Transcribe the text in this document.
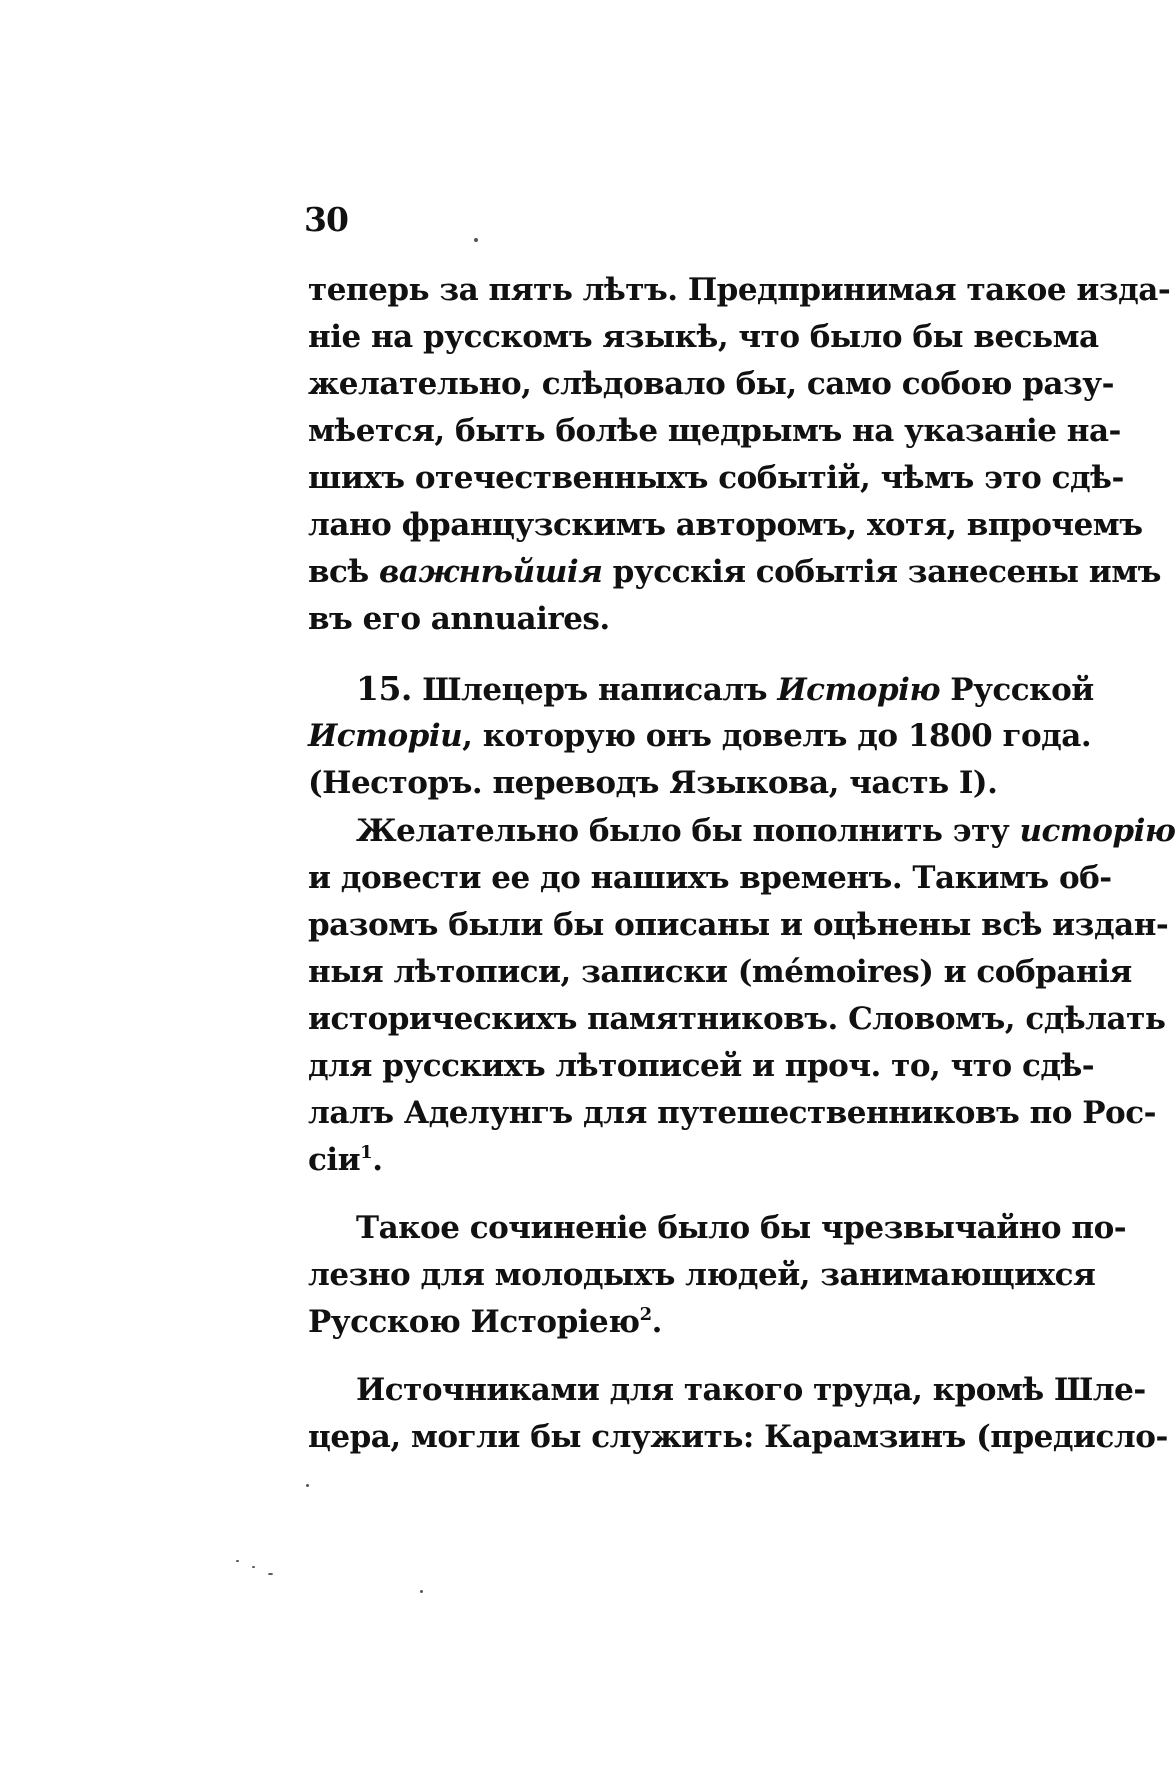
30
теперь за пять лѣтъ. Предпринимая такое изда-
ніе на русскомъ языкѣ, что было бы весьма
желательно, слѣдовало бы, само собою разу-
мѣется, быть болѣе щедрымъ на указаніе на-
шихъ отечественныхъ событій, чѣмъ это сдѣ-
лано французскимъ авторомъ, хотя, впрочемъ
всѣ важнѣйшія русскія событія занесены имъ
въ его annuaires.
15. Шлецеръ написалъ Исторію Русской
Исторіи, которую онъ довелъ до 1800 года.
(Несторъ. переводъ Языкова, часть I).
Желательно было бы пополнить эту исторію
и довести ее до нашихъ временъ. Такимъ об-
разомъ были бы описаны и оцѣнены всѣ издан-
ныя лѣтописи, записки (mémoires) и собранія
историческихъ памятниковъ. Словомъ, сдѣлать
для русскихъ лѣтописей и проч. то, что сдѣ-
лалъ Аделунгъ для путешественниковъ по Рос-
сіи$^1$.
Такое сочиненіе было бы чрезвычайно по-
лезно для молодыхъ людей, занимающихся
Русскою Исторіею$^2$.
Источниками для такого труда, кромѣ Шле-
цера, могли бы служить: Карамзинъ (предисло-
